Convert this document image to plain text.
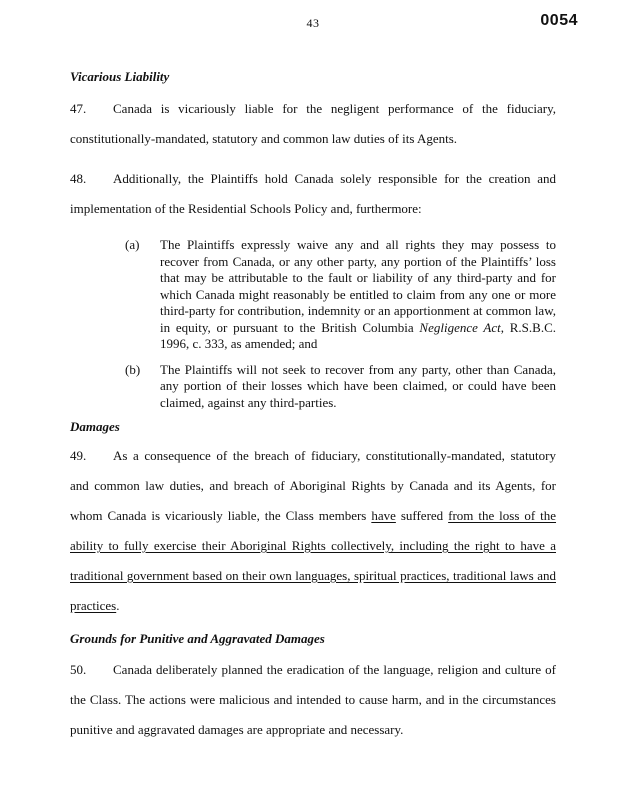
43	0054
Vicarious Liability

47. Canada is vicariously liable for the negligent performance of the fiduciary, constitutionally-mandated, statutory and common law duties of its Agents.

48. Additionally, the Plaintiffs hold Canada solely responsible for the creation and implementation of the Residential Schools Policy and, furthermore:

(a)	The Plaintiffs expressly waive any and all rights they may possess to recover from Canada, or any other party, any portion of the Plaintiffs’ loss that may be attributable to the fault or liability of any third-party and for which Canada might reasonably be entitled to claim from any one or more third-party for contribution, indemnity or an apportionment at common law, in equity, or pursuant to the British Columbia Negligence Act, R.S.B.C. 1996, c. 333, as amended; and
(b)	The Plaintiffs will not seek to recover from any party, other than Canada, any portion of their losses which have been claimed, or could have been claimed, against any third-parties.
Damages

49. As a consequence of the breach of fiduciary, constitutionally-mandated, statutory and common law duties, and breach of Aboriginal Rights by Canada and its Agents, for whom Canada is vicariously liable, the Class members have suffered from the loss of the ability to fully exercise their Aboriginal Rights collectively, including the right to have a traditional government based on their own languages, spiritual practices, traditional laws and practices.

Grounds for Punitive and Aggravated Damages

50. Canada deliberately planned the eradication of the language, religion and culture of the Class. The actions were malicious and intended to cause harm, and in the circumstances punitive and aggravated damages are appropriate and necessary.
